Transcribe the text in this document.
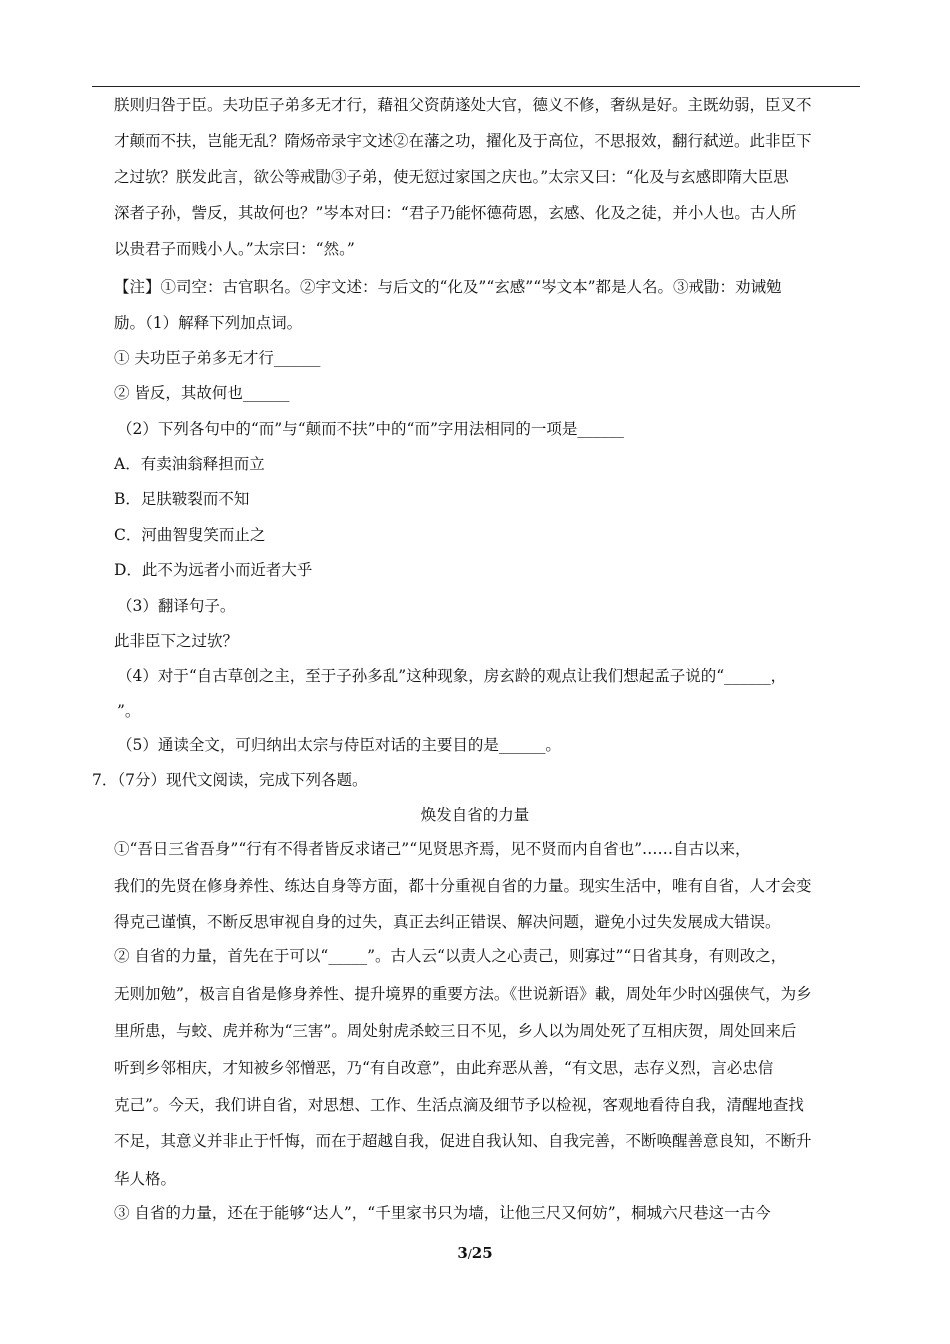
朕则归咎于臣。夫功臣子弟多无才行，藉祖父资荫遂处大官，德义不修，奢纵是好。主既幼弱，臣叉不
才颠而不扶，岂能无乱？隋炀帝录宇文述②在藩之功，擢化及于高位，不思报效，翻行弑逆。此非臣下
之过欤？朕发此言，欲公等戒勖③子弟，使无愆过家国之庆也。”太宗又曰：“化及与玄感即隋大臣思
深者子孙，訾反，其故何也？”岑本对曰：“君子乃能怀德荷恩，玄感、化及之徒，并小人也。古人所
以贵君子而贱小人。”太宗曰：“然。”
【注】①司空：古官职名。②宇文述：与后文的“化及”“玄感”“岑文本”都是人名。③戒勖：劝诫勉
励。（1）解释下列加点词。
① 夫功臣子弟多无才行______
② 皆反，其故何也______
（2）下列各句中的“而”与“颠而不扶”中的“而”字用法相同的一项是______
A．有卖油翁释担而立
B．足肤皲裂而不知
C．河曲智叟笑而止之
D．此不为远者小而近者大乎
（3）翻译句子。
此非臣下之过欤？
（4）对于“自古草创之主，至于子孙多乱”这种现象，房玄龄的观点让我们想起孟子说的“______，
”。
（5）通读全文，可归纳出太宗与侍臣对话的主要目的是______。
7．（7分）现代文阅读，完成下列各题。
焕发自省的力量
①“吾日三省吾身”“行有不得者皆反求诸己”“见贤思齐焉，见不贤而内自省也”……自古以来，
我们的先贤在修身养性、练达自身等方面，都十分重视自省的力量。现实生活中，唯有自省，人才会变
得克己谨慎，不断反思审视自身的过失，真正去纠正错误、解决问题，避免小过失发展成大错误。
② 自省的力量，首先在于可以“_____”。古人云“以责人之心责己，则寡过”“日省其身，有则改之，
无则加勉”，极言自省是修身养性、提升境界的重要方法。《世说新语》載，周处年少时凶强侠气，为乡
里所患，与蛟、虎并称为“三害”。周处射虎杀蛟三日不见，乡人以为周处死了互相庆贺，周处回来后
听到乡邻相庆，才知被乡邻憎恶，乃“有自改意”，由此弃恶从善，“有文思，志存义烈，言必忠信
克己”。今天，我们讲自省，对思想、工作、生活点滴及细节予以检视，客观地看待自我，清醒地查找
不足，其意义并非止于忏悔，而在于超越自我，促进自我认知、自我完善，不断唤醒善意良知，不断升
华人格。
③ 自省的力量，还在于能够“达人”，“千里家书只为墙，让他三尺又何妨”，桐城六尺巷这一古今
3/25
